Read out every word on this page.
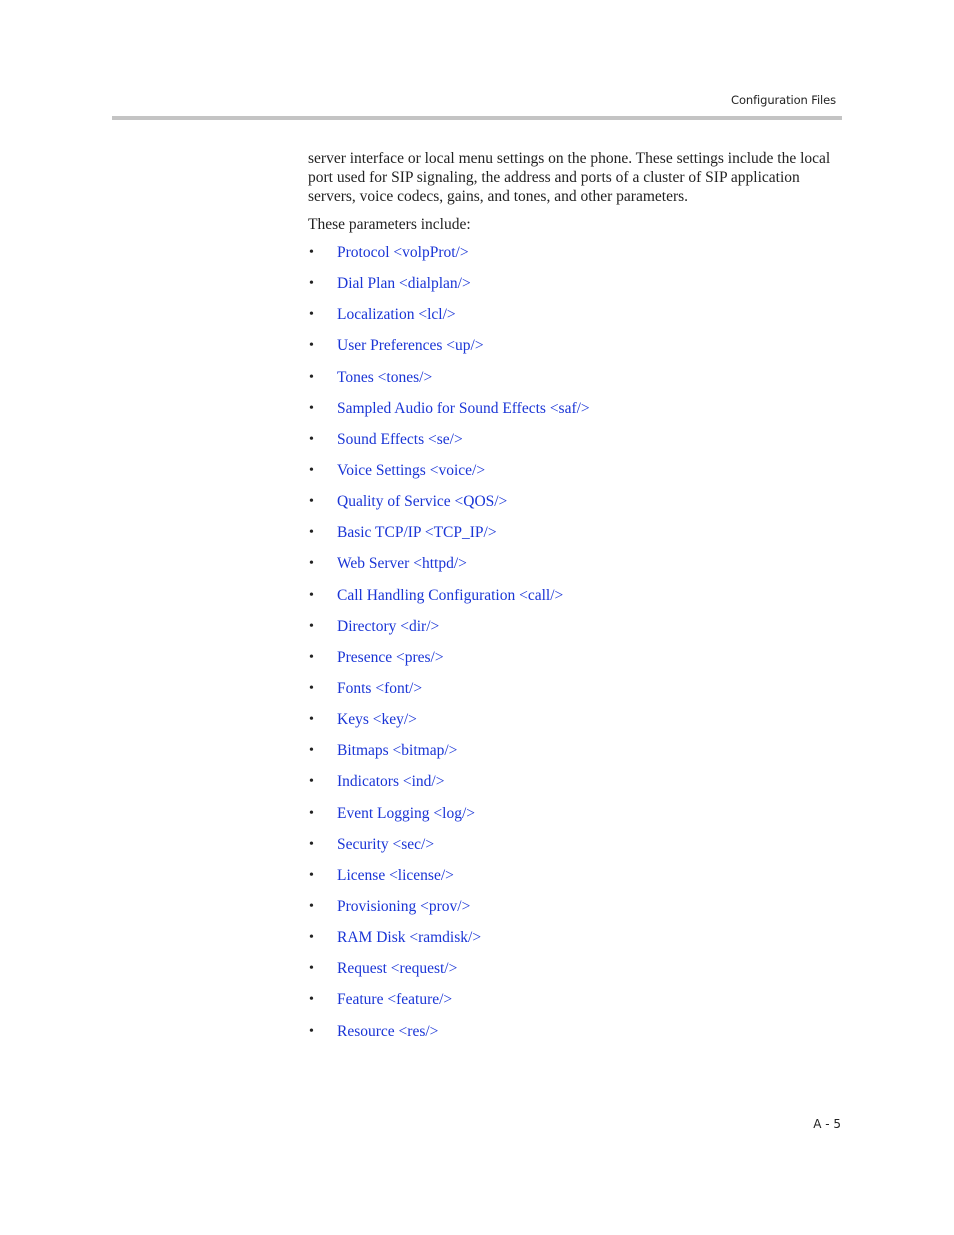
Configuration Files

server interface or local menu settings on the phone. These settings include the local port used for SIP signaling, the address and ports of a cluster of SIP application servers, voice codecs, gains, and tones, and other parameters.

These parameters include:

•	Protocol <volpProt/>
•	Dial Plan <dialplan/>
•	Localization <lcl/>
•	User Preferences <up/>
•	Tones <tones/>
•	Sampled Audio for Sound Effects <saf/>
•	Sound Effects <se/>
•	Voice Settings <voice/>
•	Quality of Service <QOS/>
•	Basic TCP/IP <TCP_IP/>
•	Web Server <httpd/>
•	Call Handling Configuration <call/>
•	Directory <dir/>
•	Presence <pres/>
•	Fonts <font/>
•	Keys <key/>
•	Bitmaps <bitmap/>
•	Indicators <ind/>
•	Event Logging <log/>
•	Security <sec/>
•	License <license/>
•	Provisioning <prov/>
•	RAM Disk <ramdisk/>
•	Request <request/>
•	Feature <feature/>
•	Resource <res/>
A - 5
